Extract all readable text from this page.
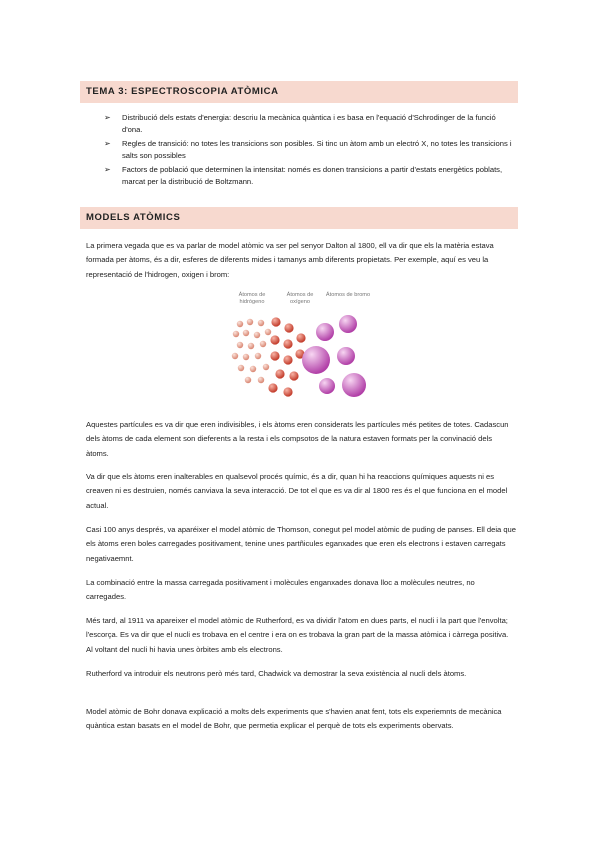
TEMA 3: ESPECTROSCOPIA ATÒMICA
➢ Distribució dels estats d'energia: descriu la mecànica quàntica i es basa en l'equació d'Schrodinger de la funció d'ona.
➢ Regles de transició: no totes les transicions son posibles. Si tinc un àtom amb un electró X, no totes les transicions i salts son possibles
➢ Factors de població que determinen la intensitat: només es donen transicions a partir d'estats energètics poblats, marcat per la distribució de Boltzmann.
MODELS ATÒMICS

La primera vegada que es va parlar de model atòmic va ser pel senyor Dalton al 1800, ell va dir que els la matèria estava formada per àtoms, és a dir, esferes de diferents mides i tamanys amb diferents propietats. Per exemple, aquí es veu la representació de l'hidrogen, oxigen i brom:

Átomos de hidrógeno
Átomos de oxígeno
Átomos de bromo

Aquestes partícules es va dir que eren indivisibles, i els àtoms eren considerats les partícules més petites de totes. Cadascun dels àtoms de cada element son dieferents a la resta i els compsotos de la natura estaven formats per la convinació dels àtoms.

Va dir que els àtoms eren inalterables en qualsevol procés químic, és a dir, quan hi ha reaccions químiques aquests ni es creaven ni es destruien, només canviava la seva interacció. De tot el que es va dir al 1800 res és el que funciona en el model actual.

Casi 100 anys després, va aparéixer el model atòmic de Thomson, conegut pel model atòmic de puding de panses. Ell deia que els àtoms eren boles carregades positivament, tenine unes partñicules eganxades que eren els electrons i estaven carregats negativaemnt.

La combinació entre la massa carregada positivament i molècules enganxades donava lloc a molècules neutres, no carregades.

Més tard, al 1911 va apareixer el model atòmic de Rutherford, es va dividir l'atom en dues parts, el nucli i la part que l'envolta; l'escorça. Es va dir que el nucli es trobava en el centre i era on es trobava la gran part de la massa atòmica i càrrega positiva. Al voltant del nucli hi havia unes òrbites amb els electrons.

Rutherford va introduir els neutrons però més tard, Chadwick va demostrar la seva existència al nucli dels àtoms.

Model atòmic de Bohr donava explicació a molts dels experiments que s'havien anat fent, tots els experiemnts de mecànica quàntica estan basats en el model de Bohr, que permetia explicar el perquè de tots els experiments obervats.
